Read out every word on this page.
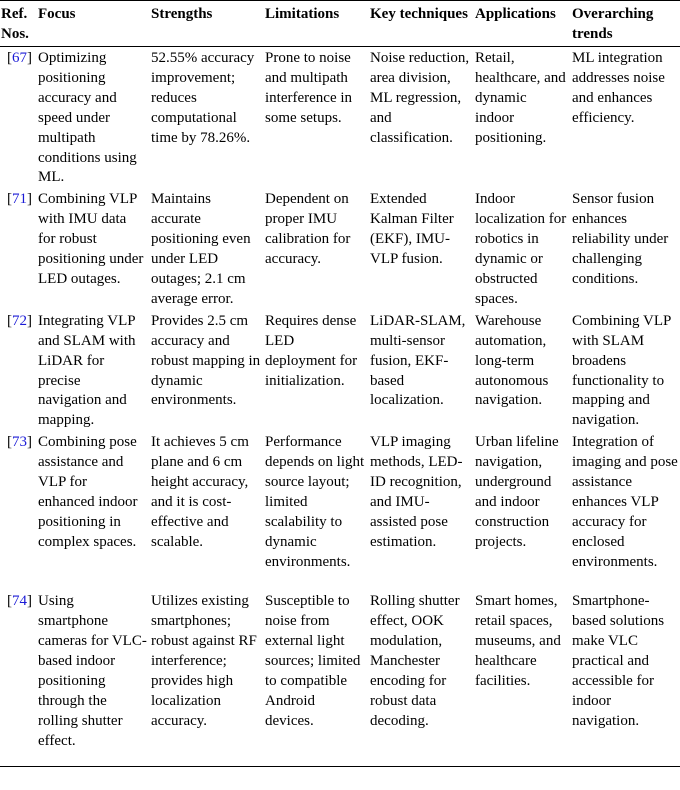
Ref. Nos.	Focus	Strengths	Limitations	Key techniques	Applications	Overarching trends
[67]	Optimizing positioning accuracy and speed under multipath conditions using ML.	52.55% accuracy improvement; reduces computational time by 78.26%.	Prone to noise and multipath interference in some setups.	Noise reduction, area division, ML regression, and classification.	Retail, healthcare, and dynamic indoor positioning.	ML integration addresses noise and enhances efficiency.
[71]	Combining VLP with IMU data for robust positioning under LED outages.	Maintains accurate positioning even under LED outages; 2.1 cm average error.	Dependent on proper IMU calibration for accuracy.	Extended Kalman Filter (EKF), IMU-VLP fusion.	Indoor localization for robotics in dynamic or obstructed spaces.	Sensor fusion enhances reliability under challenging conditions.
[72]	Integrating VLP and SLAM with LiDAR for precise navigation and mapping.	Provides 2.5 cm accuracy and robust mapping in dynamic environments.	Requires dense LED deployment for initialization.	LiDAR-SLAM, multi-sensor fusion, EKF-based localization.	Warehouse automation, long-term autonomous navigation.	Combining VLP with SLAM broadens functionality to mapping and navigation.
[73]	Combining pose assistance and VLP for enhanced indoor positioning in complex spaces.	It achieves 5 cm plane and 6 cm height accuracy, and it is cost-effective and scalable.	Performance depends on light source layout; limited scalability to dynamic environments.	VLP imaging methods, LED-ID recognition, and IMU-assisted pose estimation.	Urban lifeline navigation, underground and indoor construction projects.	Integration of imaging and pose assistance enhances VLP accuracy for enclosed environments.
[74]	Using smartphone cameras for VLC-based indoor positioning through the rolling shutter effect.	Utilizes existing smartphones; robust against RF interference; provides high localization accuracy.	Susceptible to noise from external light sources; limited to compatible Android devices.	Rolling shutter effect, OOK modulation, Manchester encoding for robust data decoding.	Smart homes, retail spaces, museums, and healthcare facilities.	Smartphone-based solutions make VLC practical and accessible for indoor navigation.
